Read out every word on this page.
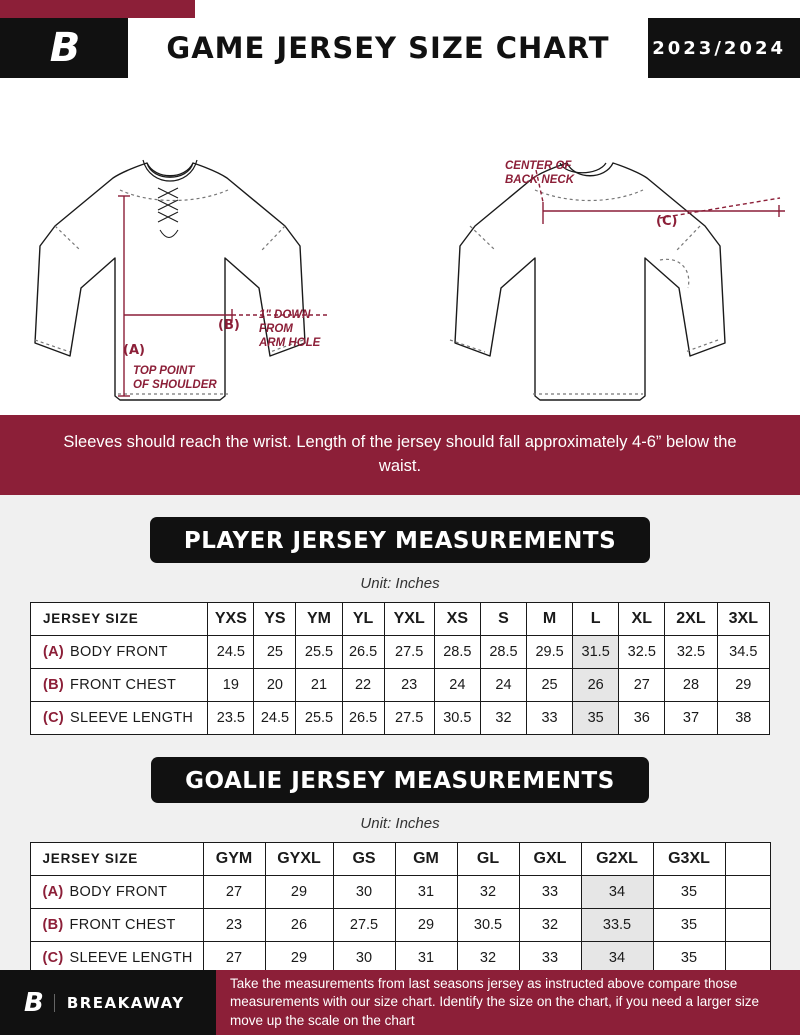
B	GAME JERSEY SIZE CHART 2023/2024
(A)
(B)
TOP POINT
OF SHOULDER
1" DOWN
FROM
ARM HOLE
(C)
CENTER OF
BACK NECK
Sleeves should reach the wrist. Length of the jersey should fall approximately 4-6” below the waist.
PLAYER JERSEY MEASUREMENTS
Unit: Inches
JERSEY SIZE	YXS	YS	YM	YL	YXL	XS	S	M	L	XL	2XL	3XL
(A) BODY FRONT	24.5	25	25.5	26.5	27.5	28.5	28.5	29.5	31.5	32.5	32.5	34.5
(B) FRONT CHEST	19	20	21	22	23	24	24	25	26	27	28	29
(C) SLEEVE LENGTH	23.5	24.5	25.5	26.5	27.5	30.5	32	33	35	36	37	38
GOALIE JERSEY MEASUREMENTS
Unit: Inches
JERSEY SIZE	GYM	GYXL	GS	GM	GL	GXL	G2XL	G3XL	
(A) BODY FRONT	27	29	30	31	32	33	34	35	
(B) FRONT CHEST	23	26	27.5	29	30.5	32	33.5	35	
(C) SLEEVE LENGTH	27	29	30	31	32	33	34	35	
B	BREAKAWAY
Take the measurements from last seasons jersey as instructed above compare those measurements with our size chart. Identify the size on the chart, if you need a larger size move up the scale on the chart
